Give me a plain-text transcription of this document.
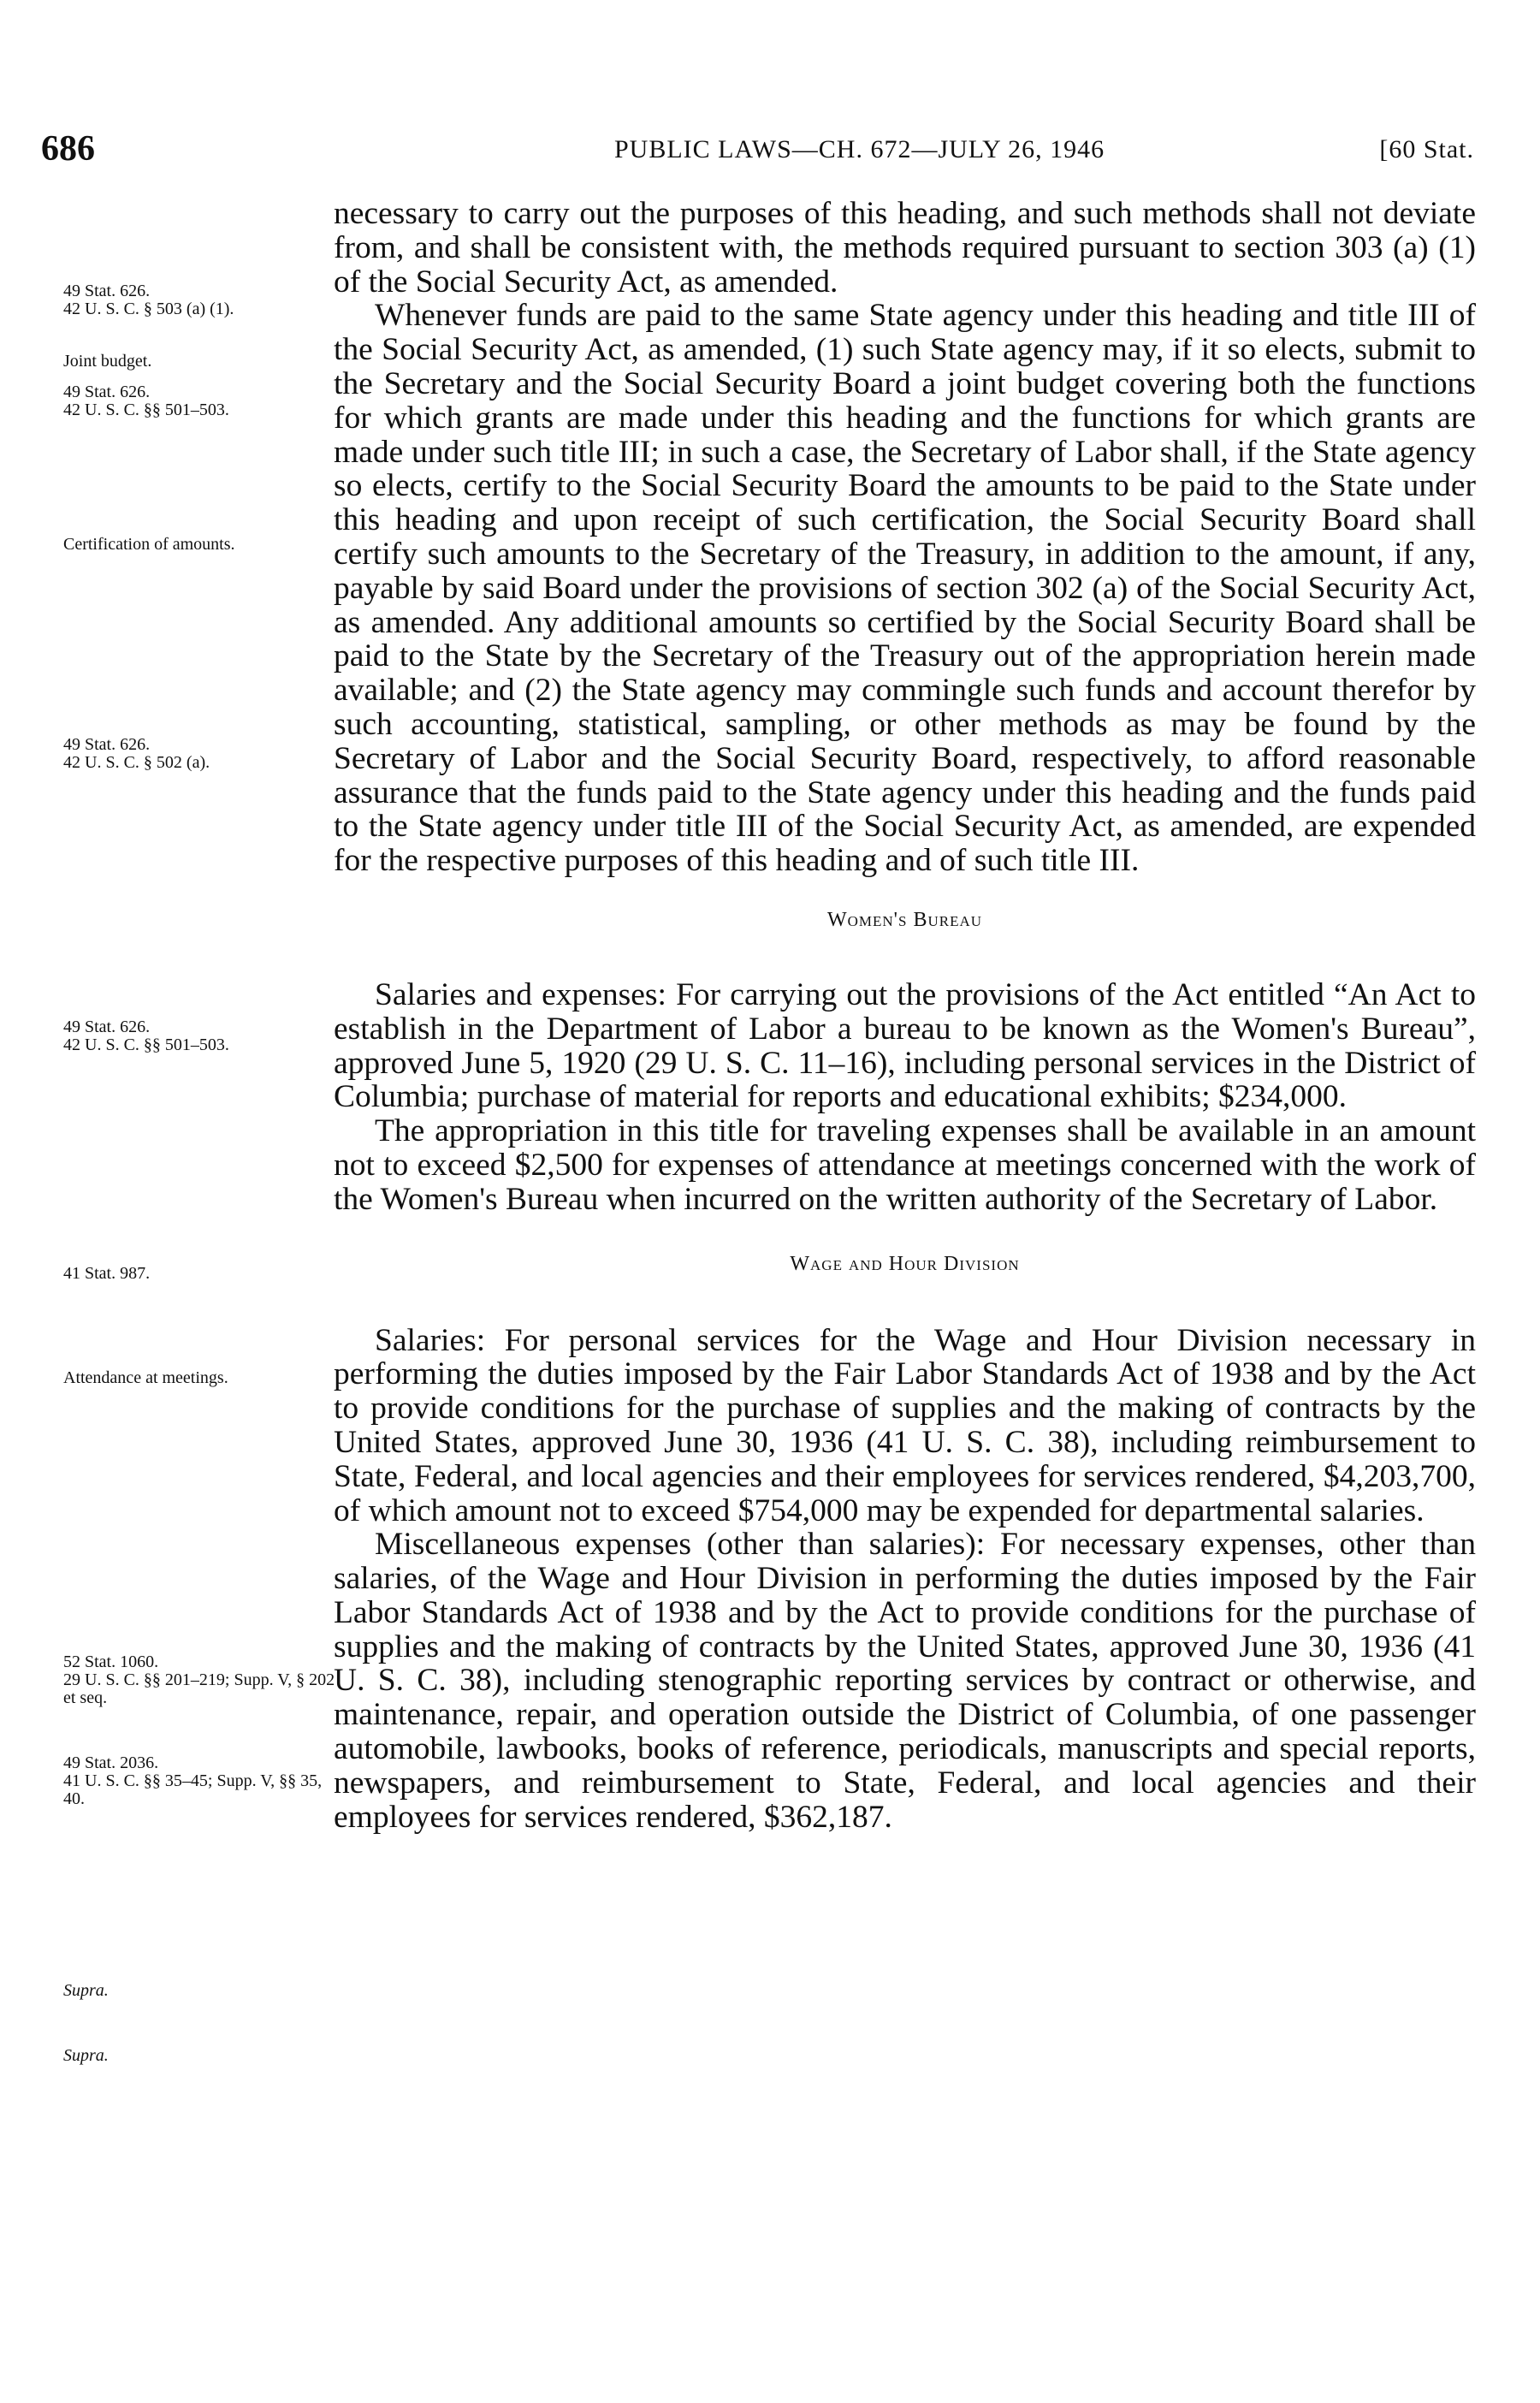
686	PUBLIC LAWS—CH. 672—JULY 26, 1946	[60 Stat.
49 Stat. 626.
42 U. S. C. § 503 (a) (1).
Joint budget.
49 Stat. 626.
42 U. S. C. §§ 501–503.
Certification of amounts.
49 Stat. 626.
42 U. S. C. § 502 (a).
49 Stat. 626.
42 U. S. C. §§ 501–503.
41 Stat. 987.
Attendance at meetings.
52 Stat. 1060.
29 U. S. C. §§ 201–219; Supp. V, § 202 et seq.
49 Stat. 2036.
41 U. S. C. §§ 35–45; Supp. V, §§ 35, 40.
Supra.
Supra.

necessary to carry out the purposes of this heading, and such methods shall not deviate from, and shall be consistent with, the methods required pursuant to section 303 (a) (1) of the Social Security Act, as amended.

Whenever funds are paid to the same State agency under this heading and title III of the Social Security Act, as amended, (1) such State agency may, if it so elects, submit to the Secretary and the Social Security Board a joint budget covering both the functions for which grants are made under this heading and the functions for which grants are made under such title III; in such a case, the Secretary of Labor shall, if the State agency so elects, certify to the Social Security Board the amounts to be paid to the State under this heading and upon receipt of such certification, the Social Security Board shall certify such amounts to the Secretary of the Treasury, in addition to the amount, if any, payable by said Board under the provisions of section 302 (a) of the Social Security Act, as amended. Any additional amounts so certified by the Social Security Board shall be paid to the State by the Secretary of the Treasury out of the appropriation herein made available; and (2) the State agency may commingle such funds and account therefor by such accounting, statistical, sampling, or other methods as may be found by the Secretary of Labor and the Social Security Board, respectively, to afford reasonable assurance that the funds paid to the State agency under this heading and the funds paid to the State agency under title III of the Social Security Act, as amended, are expended for the respective purposes of this heading and of such title III.

Women's Bureau

Salaries and expenses: For carrying out the provisions of the Act entitled “An Act to establish in the Department of Labor a bureau to be known as the Women's Bureau”, approved June 5, 1920 (29 U. S. C. 11–16), including personal services in the District of Columbia; purchase of material for reports and educational exhibits; $234,000.

The appropriation in this title for traveling expenses shall be available in an amount not to exceed $2,500 for expenses of attendance at meetings concerned with the work of the Women's Bureau when incurred on the written authority of the Secretary of Labor.

Wage and Hour Division

Salaries: For personal services for the Wage and Hour Division necessary in performing the duties imposed by the Fair Labor Standards Act of 1938 and by the Act to provide conditions for the purchase of supplies and the making of contracts by the United States, approved June 30, 1936 (41 U. S. C. 38), including reimbursement to State, Federal, and local agencies and their employees for services rendered, $4,203,700, of which amount not to exceed $754,000 may be expended for departmental salaries.

Miscellaneous expenses (other than salaries): For necessary expenses, other than salaries, of the Wage and Hour Division in performing the duties imposed by the Fair Labor Standards Act of 1938 and by the Act to provide conditions for the purchase of supplies and the making of contracts by the United States, approved June 30, 1936 (41 U. S. C. 38), including stenographic reporting services by contract or otherwise, and maintenance, repair, and operation outside the District of Columbia, of one passenger automobile, lawbooks, books of reference, periodicals, manuscripts and special reports, newspapers, and reimbursement to State, Federal, and local agencies and their employees for services rendered, $362,187.
